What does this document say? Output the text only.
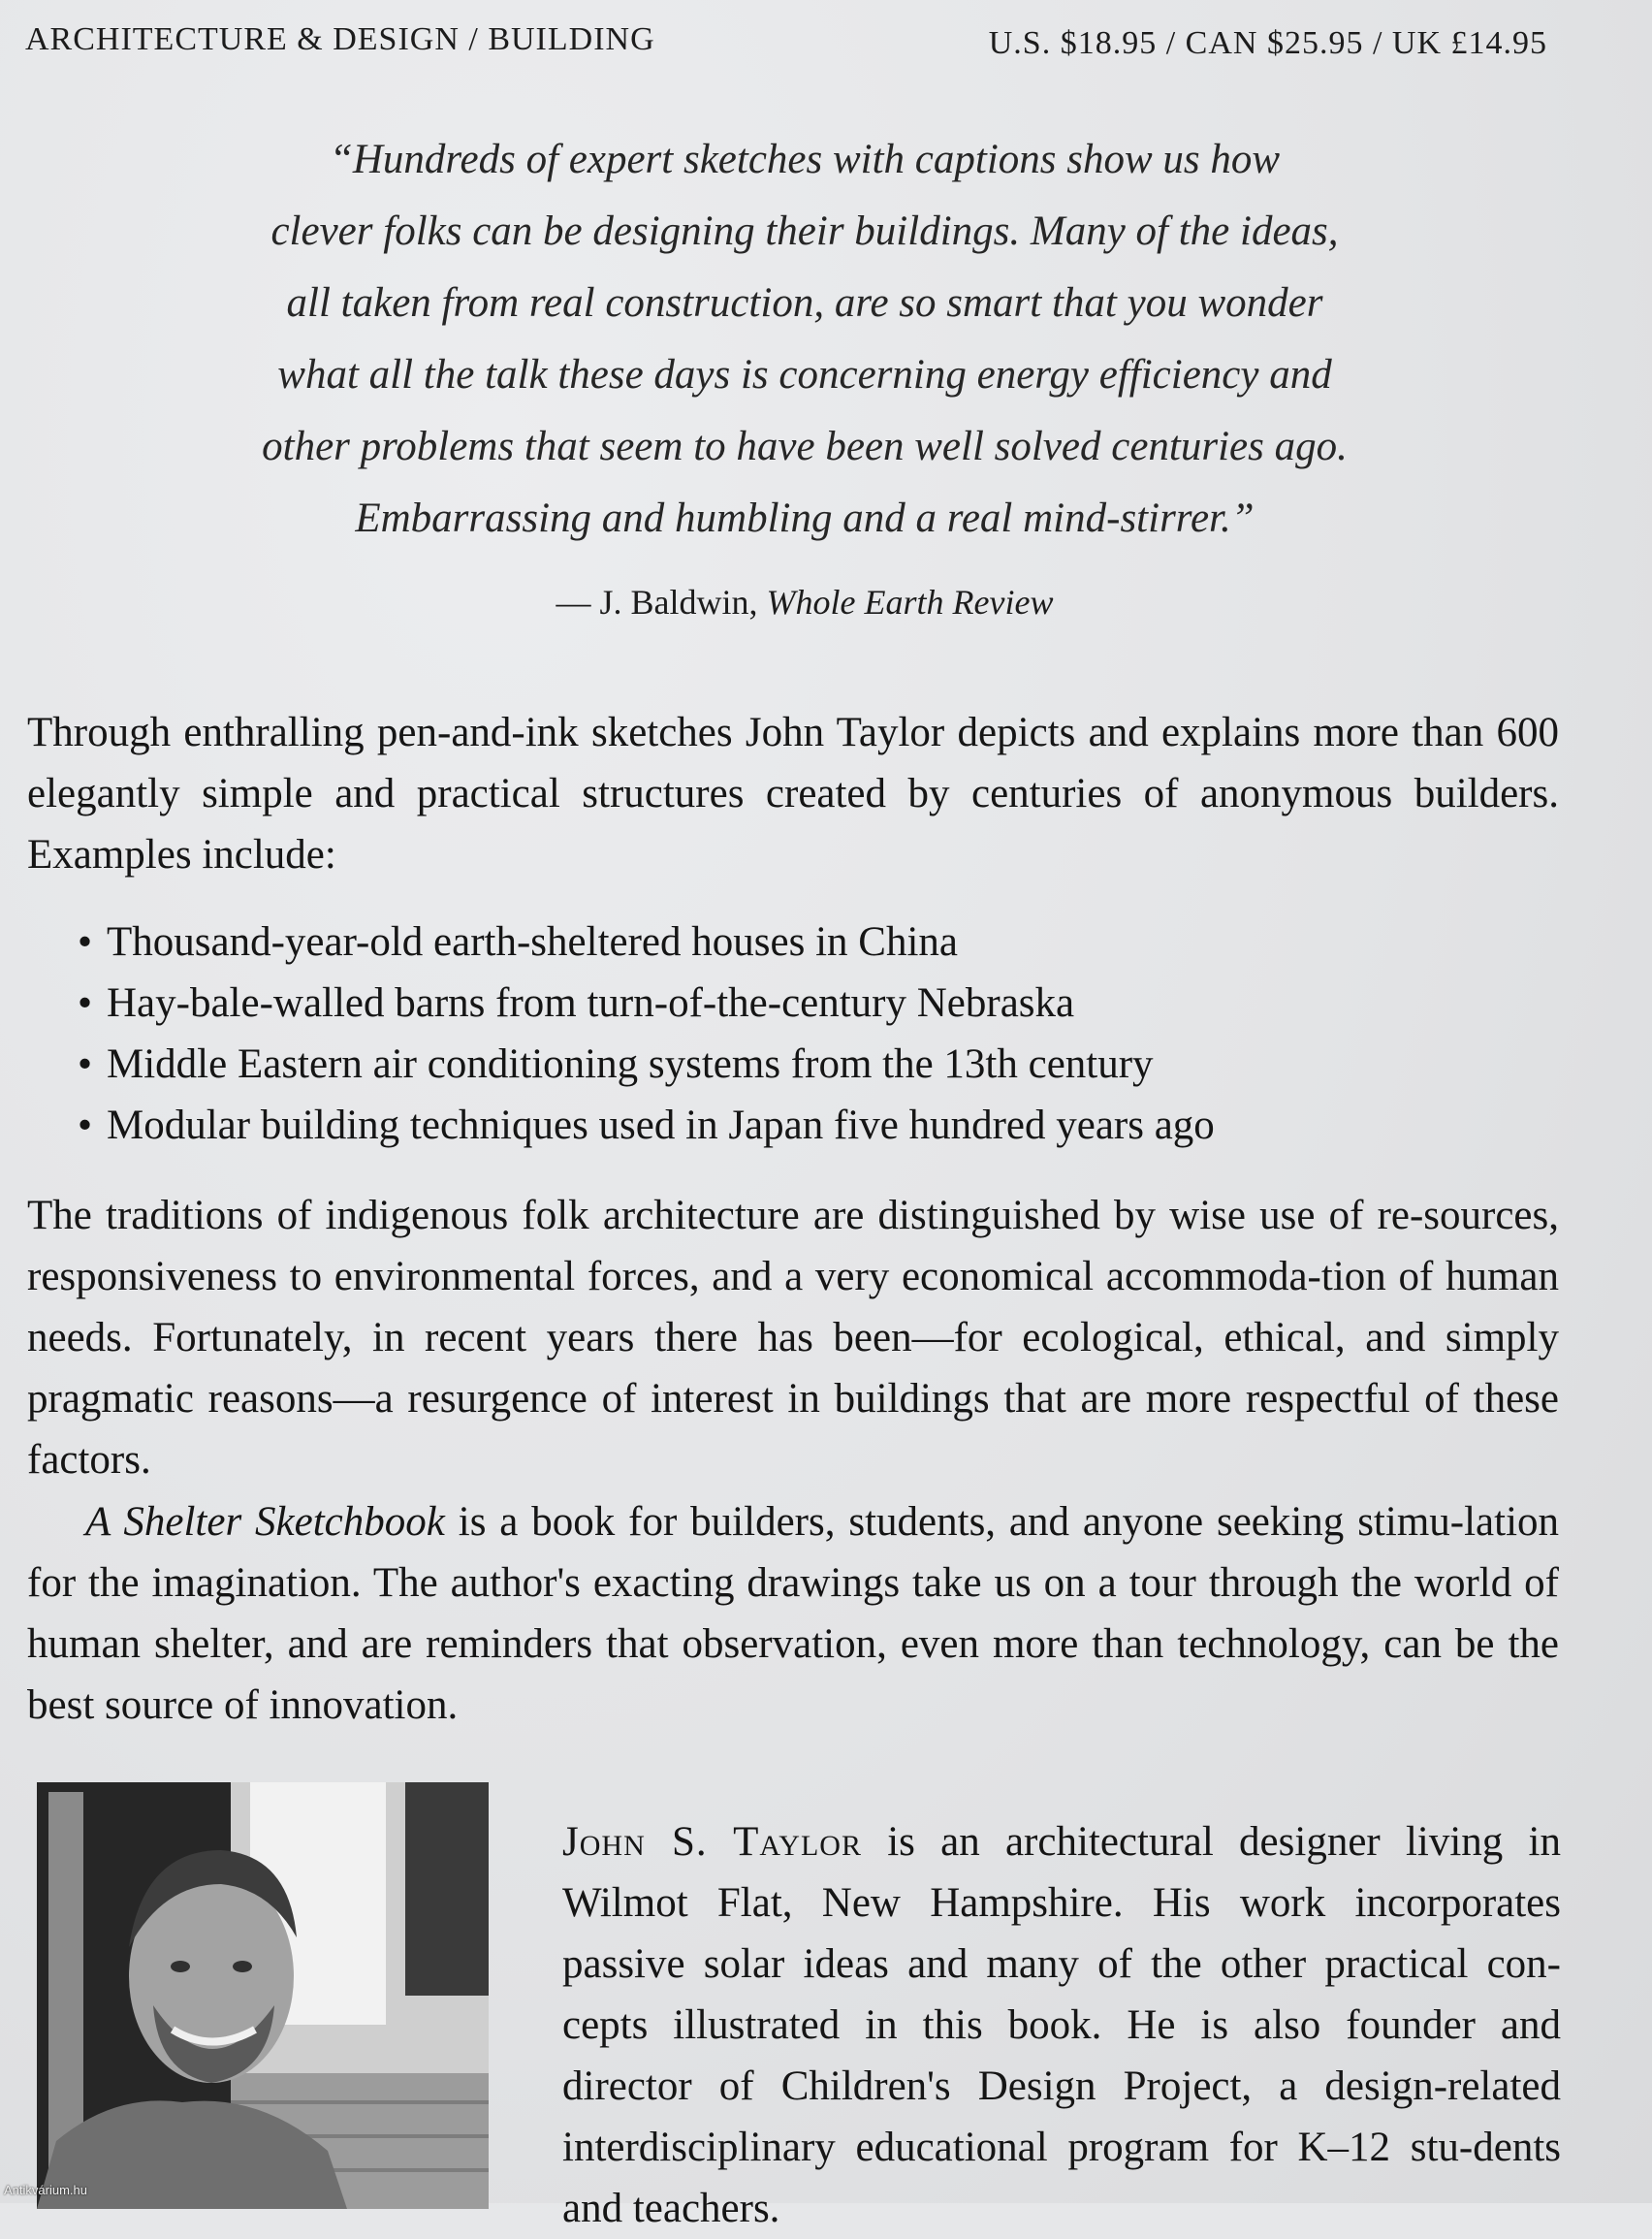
ARCHITECTURE & DESIGN / BUILDING	U.S. $18.95 / CAN $25.95 / UK £14.95
“Hundreds of expert sketches with captions show us how
clever folks can be designing their buildings. Many of the ideas,
all taken from real construction, are so smart that you wonder
what all the talk these days is concerning energy efficiency and
other problems that seem to have been well solved centuries ago.
Embarrassing and humbling and a real mind-stirrer.”
— J. Baldwin, Whole Earth Review
Through enthralling pen-and-ink sketches John Taylor depicts and explains more than 600 elegantly simple and practical structures created by centuries of anonymous builders. Examples include:
• Thousand-year-old earth-sheltered houses in China
• Hay-bale-walled barns from turn-of-the-century Nebraska
• Middle Eastern air conditioning systems from the 13th century
• Modular building techniques used in Japan five hundred years ago
The traditions of indigenous folk architecture are distinguished by wise use of re-sources, responsiveness to environmental forces, and a very economical accommoda-tion of human needs. Fortunately, in recent years there has been—for ecological, ethical, and simply pragmatic reasons—a resurgence of interest in buildings that are more respectful of these factors.
A Shelter Sketchbook is a book for builders, students, and anyone seeking stimu-lation for the imagination. The author's exacting drawings take us on a tour through the world of human shelter, and are reminders that observation, even more than technology, can be the best source of innovation.
John S. Taylor is an architectural designer living in Wilmot Flat, New Hampshire. His work incorporates passive solar ideas and many of the other practical con-cepts illustrated in this book. He is also founder and director of Children's Design Project, a design-related interdisciplinary educational program for K–12 stu-dents and teachers.
Antikvárium.hu
